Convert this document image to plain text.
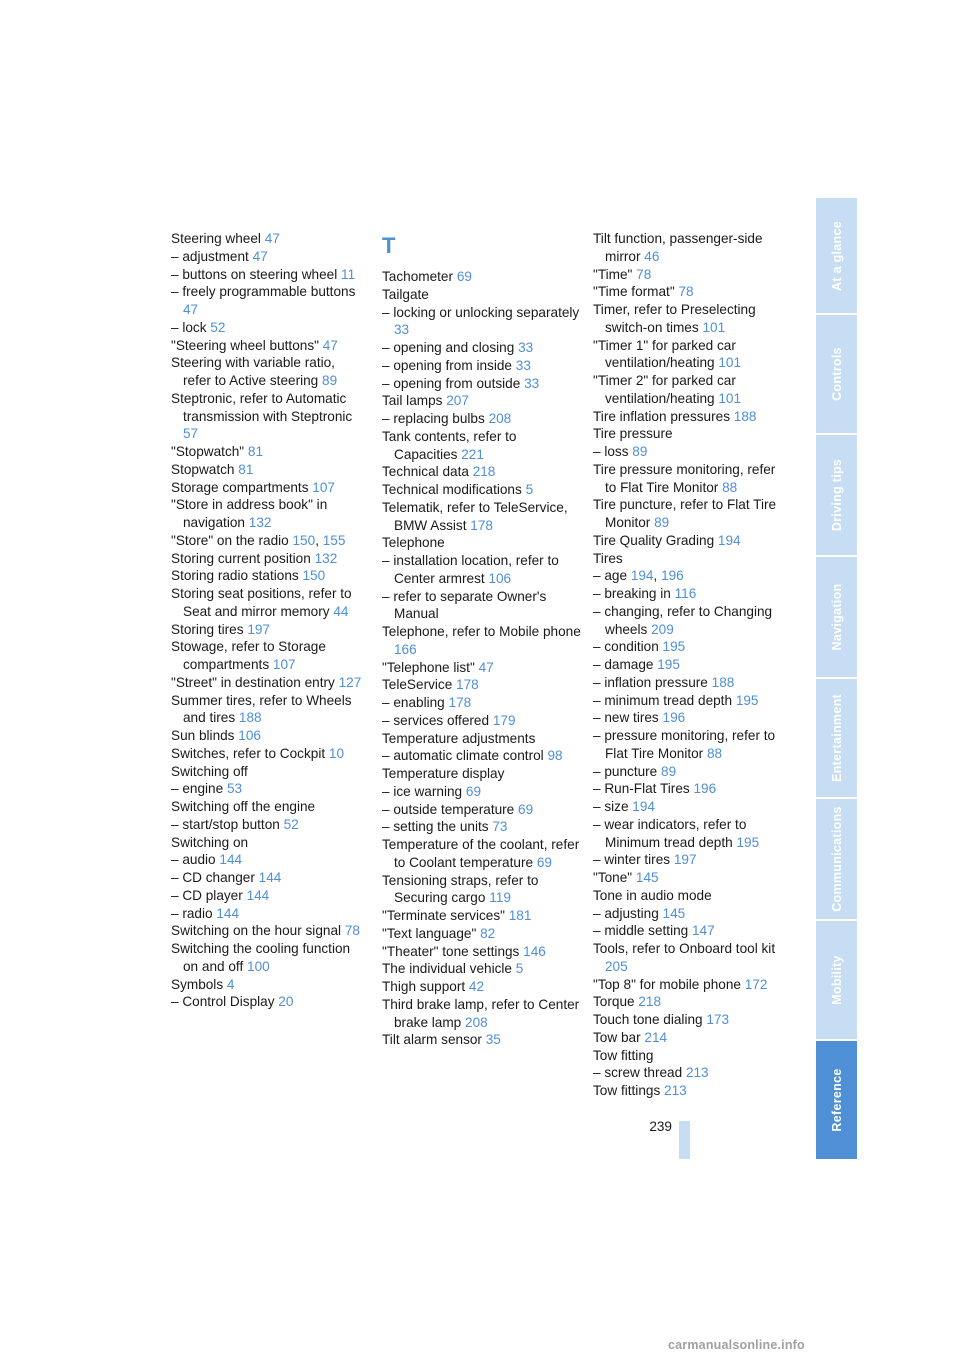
Steering wheel 47
– adjustment 47
– buttons on steering wheel 11
– freely programmable buttons 47
– lock 52
"Steering wheel buttons" 47
Steering with variable ratio, refer to Active steering 89
Steptronic, refer to Automatic transmission with Steptronic 57
"Stopwatch" 81
Stopwatch 81
Storage compartments 107
"Store in address book" in navigation 132
"Store" on the radio 150, 155
Storing current position 132
Storing radio stations 150
Storing seat positions, refer to Seat and mirror memory 44
Storing tires 197
Stowage, refer to Storage compartments 107
"Street" in destination entry 127
Summer tires, refer to Wheels and tires 188
Sun blinds 106
Switches, refer to Cockpit 10
Switching off
– engine 53
Switching off the engine
– start/stop button 52
Switching on
– audio 144
– CD changer 144
– CD player 144
– radio 144
Switching on the hour signal 78
Switching the cooling function on and off 100
Symbols 4
– Control Display 20
T
Tachometer 69
Tailgate
– locking or unlocking separately 33
– opening and closing 33
– opening from inside 33
– opening from outside 33
Tail lamps 207
– replacing bulbs 208
Tank contents, refer to Capacities 221
Technical data 218
Technical modifications 5
Telematik, refer to TeleService, BMW Assist 178
Telephone
– installation location, refer to Center armrest 106
– refer to separate Owner's Manual
Telephone, refer to Mobile phone 166
"Telephone list" 47
TeleService 178
– enabling 178
– services offered 179
Temperature adjustments
– automatic climate control 98
Temperature display
– ice warning 69
– outside temperature 69
– setting the units 73
Temperature of the coolant, refer to Coolant temperature 69
Tensioning straps, refer to Securing cargo 119
"Terminate services" 181
"Text language" 82
"Theater" tone settings 146
The individual vehicle 5
Thigh support 42
Third brake lamp, refer to Center brake lamp 208
Tilt alarm sensor 35
Tilt function, passenger-side mirror 46
"Time" 78
"Time format" 78
Timer, refer to Preselecting switch-on times 101
"Timer 1" for parked car ventilation/heating 101
"Timer 2" for parked car ventilation/heating 101
Tire inflation pressures 188
Tire pressure
– loss 89
Tire pressure monitoring, refer to Flat Tire Monitor 88
Tire puncture, refer to Flat Tire Monitor 89
Tire Quality Grading 194
Tires
– age 194, 196
– breaking in 116
– changing, refer to Changing wheels 209
– condition 195
– damage 195
– inflation pressure 188
– minimum tread depth 195
– new tires 196
– pressure monitoring, refer to Flat Tire Monitor 88
– puncture 89
– Run-Flat Tires 196
– size 194
– wear indicators, refer to Minimum tread depth 195
– winter tires 197
"Tone" 145
Tone in audio mode
– adjusting 145
– middle setting 147
Tools, refer to Onboard tool kit 205
"Top 8" for mobile phone 172
Torque 218
Touch tone dialing 173
Tow bar 214
Tow fitting
– screw thread 213
Tow fittings 213
239
At a glance
Controls
Driving tips
Navigation
Entertainment
Communications
Mobility
Reference
carmanualsonline.info
